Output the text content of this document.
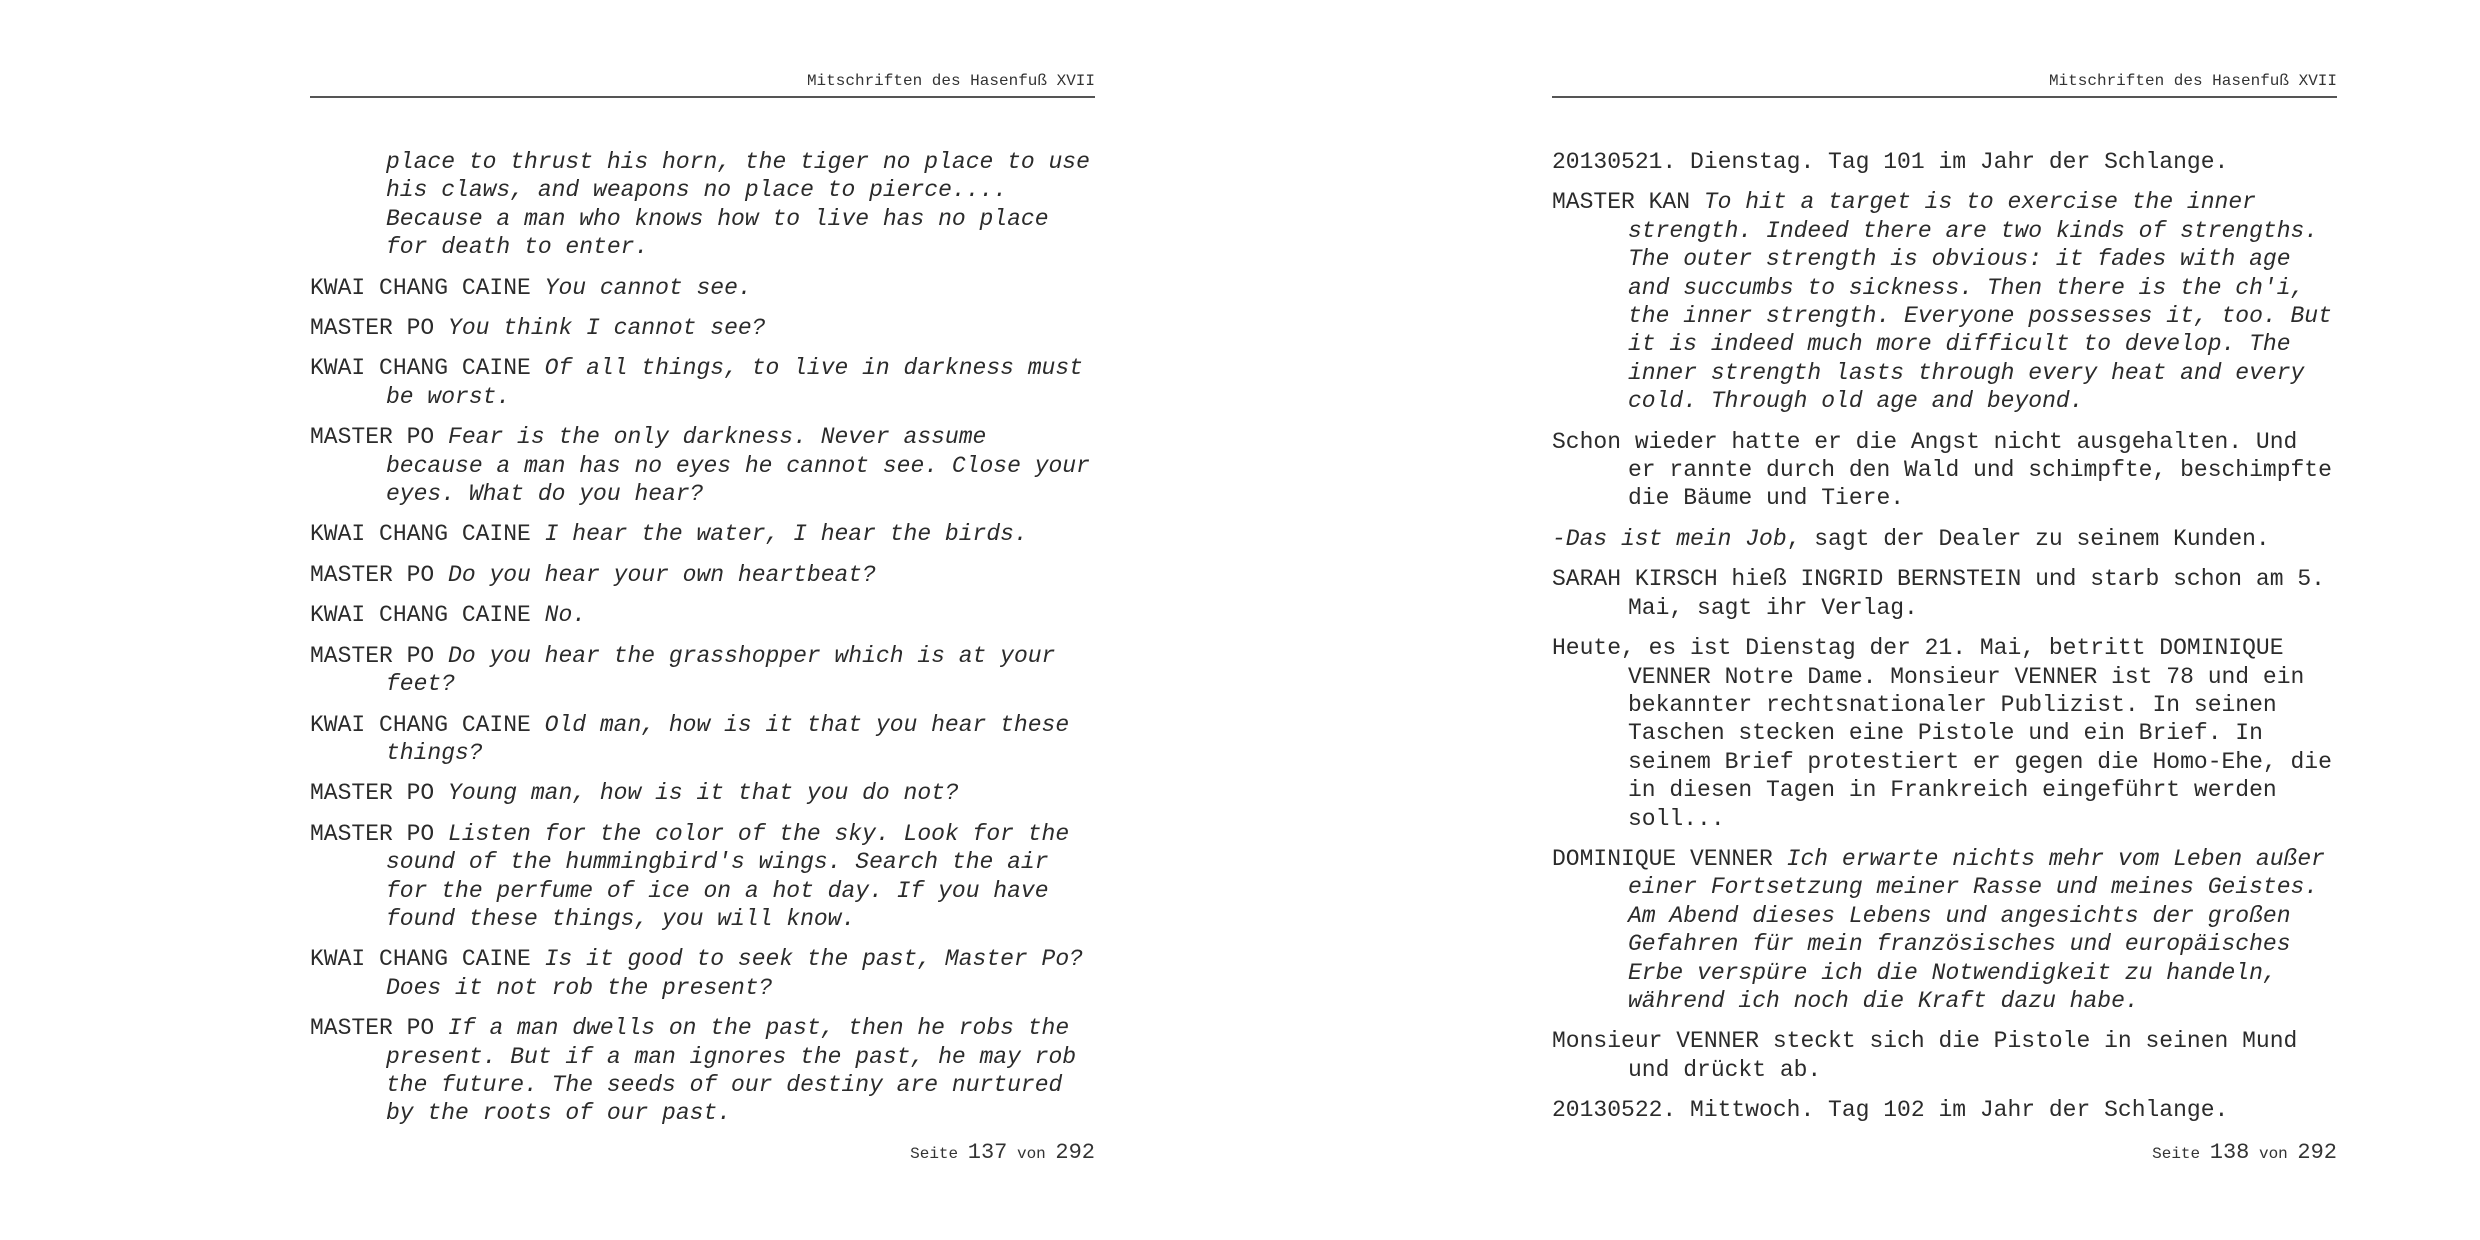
Mitschriften des Hasenfuß XVII

place to thrust his horn, the tiger no place to use his claws, and weapons no place to pierce.... Because a man who knows how to live has no place for death to enter.

KWAI CHANG CAINE You cannot see.

MASTER PO You think I cannot see?

KWAI CHANG CAINE Of all things, to live in darkness must be worst.

MASTER PO Fear is the only darkness. Never assume because a man has no eyes he cannot see. Close your eyes. What do you hear?

KWAI CHANG CAINE I hear the water, I hear the birds.

MASTER PO Do you hear your own heartbeat?

KWAI CHANG CAINE No.

MASTER PO Do you hear the grasshopper which is at your feet?

KWAI CHANG CAINE Old man, how is it that you hear these things?

MASTER PO Young man, how is it that you do not?

MASTER PO Listen for the color of the sky. Look for the sound of the hummingbird's wings. Search the air for the perfume of ice on a hot day. If you have found these things, you will know.

KWAI CHANG CAINE Is it good to seek the past, Master Po? Does it not rob the present?

MASTER PO If a man dwells on the past, then he robs the present. But if a man ignores the past, he may rob the future. The seeds of our destiny are nurtured by the roots of our past.

Seite 137 von 292
Mitschriften des Hasenfuß XVII

20130521. Dienstag. Tag 101 im Jahr der Schlange.

MASTER KAN To hit a target is to exercise the inner strength. Indeed there are two kinds of strengths. The outer strength is obvious: it fades with age and succumbs to sickness. Then there is the ch'i, the inner strength. Everyone possesses it, too. But it is indeed much more difficult to develop. The inner strength lasts through every heat and every cold. Through old age and beyond.

Schon wieder hatte er die Angst nicht ausgehalten. Und er rannte durch den Wald und schimpfte, beschimpfte die Bäume und Tiere.

-Das ist mein Job, sagt der Dealer zu seinem Kunden.

SARAH KIRSCH hieß INGRID BERNSTEIN und starb schon am 5. Mai, sagt ihr Verlag.

Heute, es ist Dienstag der 21. Mai, betritt DOMINIQUE VENNER Notre Dame. Monsieur VENNER ist 78 und ein bekannter rechtsnationaler Publizist. In seinen Taschen stecken eine Pistole und ein Brief. In seinem Brief protestiert er gegen die Homo-Ehe, die in diesen Tagen in Frankreich eingeführt werden soll...

DOMINIQUE VENNER Ich erwarte nichts mehr vom Leben außer einer Fortsetzung meiner Rasse und meines Geistes. Am Abend dieses Lebens und angesichts der großen Gefahren für mein französisches und europäisches Erbe verspüre ich die Notwendigkeit zu handeln, während ich noch die Kraft dazu habe.

Monsieur VENNER steckt sich die Pistole in seinen Mund und drückt ab.

20130522. Mittwoch. Tag 102 im Jahr der Schlange.

Seite 138 von 292
